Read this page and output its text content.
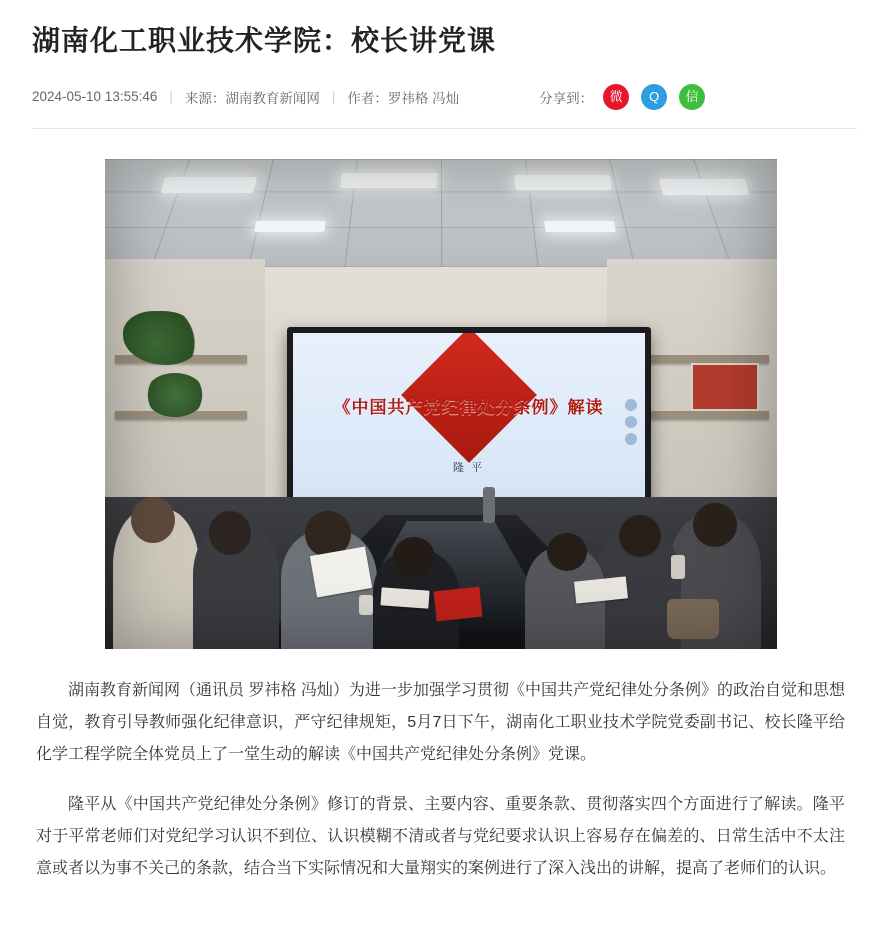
湖南化工职业技术学院：校长讲党课
2024-05-10 13:55:46 | 来源： 湖南教育新闻网 | 作者： 罗祎格 冯灿	分享到：	微	Q	信
《中国共产党纪律处分条例》解读
隆 平

湖南教育新闻网（通讯员 罗祎格 冯灿）为进一步加强学习贯彻《中国共产党纪律处分条例》的政治自觉和思想自觉，教育引导教师强化纪律意识，严守纪律规矩，5月7日下午，湖南化工职业技术学院党委副书记、校长隆平给化学工程学院全体党员上了一堂生动的解读《中国共产党纪律处分条例》党课。

隆平从《中国共产党纪律处分条例》修订的背景、主要内容、重要条款、贯彻落实四个方面进行了解读。隆平对于平常老师们对党纪学习认识不到位、认识模糊不清或者与党纪要求认识上容易存在偏差的、日常生活中不太注意或者以为事不关己的条款，结合当下实际情况和大量翔实的案例进行了深入浅出的讲解，提高了老师们的认识。
